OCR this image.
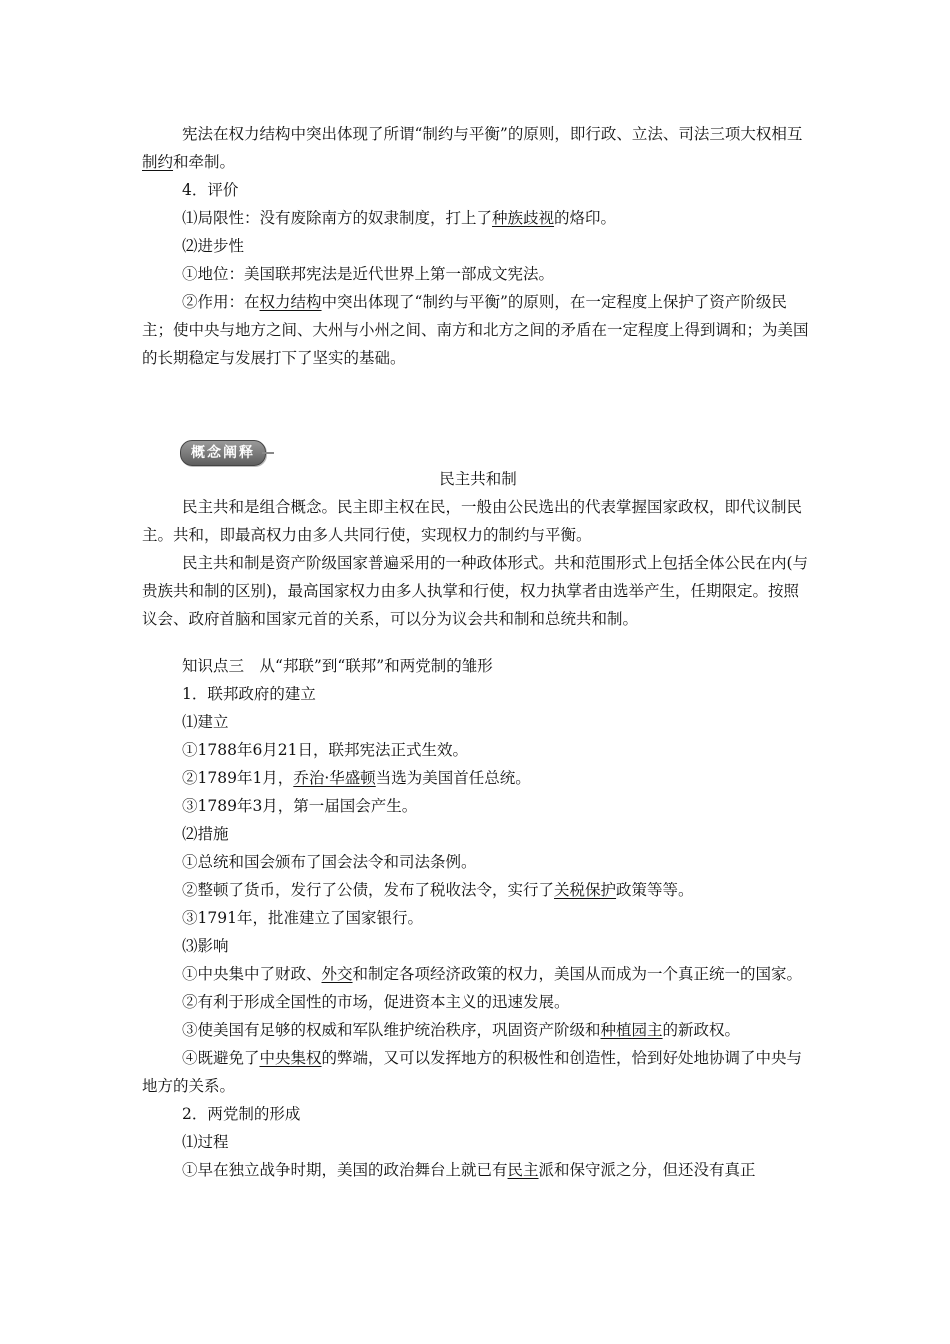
宪法在权力结构中突出体现了所谓“制约与平衡”的原则，即行政、立法、司法三项大权相互制约和牵制。

4．评价

⑴局限性：没有废除南方的奴隶制度，打上了种族歧视的烙印。

⑵进步性

①地位：美国联邦宪法是近代世界上第一部成文宪法。

②作用：在权力结构中突出体现了“制约与平衡”的原则，在一定程度上保护了资产阶级民主；使中央与地方之间、大州与小州之间、南方和北方之间的矛盾在一定程度上得到调和；为美国的长期稳定与发展打下了坚实的基础。

概念阐释

民主共和制

民主共和是组合概念。民主即主权在民，一般由公民选出的代表掌握国家政权，即代议制民主。共和，即最高权力由多人共同行使，实现权力的制约与平衡。

民主共和制是资产阶级国家普遍采用的一种政体形式。共和范围形式上包括全体公民在内(与贵族共和制的区别)，最高国家权力由多人执掌和行使，权力执掌者由选举产生，任期限定。按照议会、政府首脑和国家元首的关系，可以分为议会共和制和总统共和制。

知识点三　从“邦联”到“联邦”和两党制的雏形

1．联邦政府的建立

⑴建立

①1788年6月21日，联邦宪法正式生效。

②1789年1月，乔治·华盛顿当选为美国首任总统。

③1789年3月，第一届国会产生。

⑵措施

①总统和国会颁布了国会法令和司法条例。

②整顿了货币，发行了公债，发布了税收法令，实行了关税保护政策等等。

③1791年，批准建立了国家银行。

⑶影响

①中央集中了财政、外交和制定各项经济政策的权力，美国从而成为一个真正统一的国家。

②有利于形成全国性的市场，促进资本主义的迅速发展。

③使美国有足够的权威和军队维护统治秩序，巩固资产阶级和种植园主的新政权。

④既避免了中央集权的弊端，又可以发挥地方的积极性和创造性，恰到好处地协调了中央与地方的关系。

2．两党制的形成

⑴过程

①早在独立战争时期，美国的政治舞台上就已有民主派和保守派之分，但还没有真正
